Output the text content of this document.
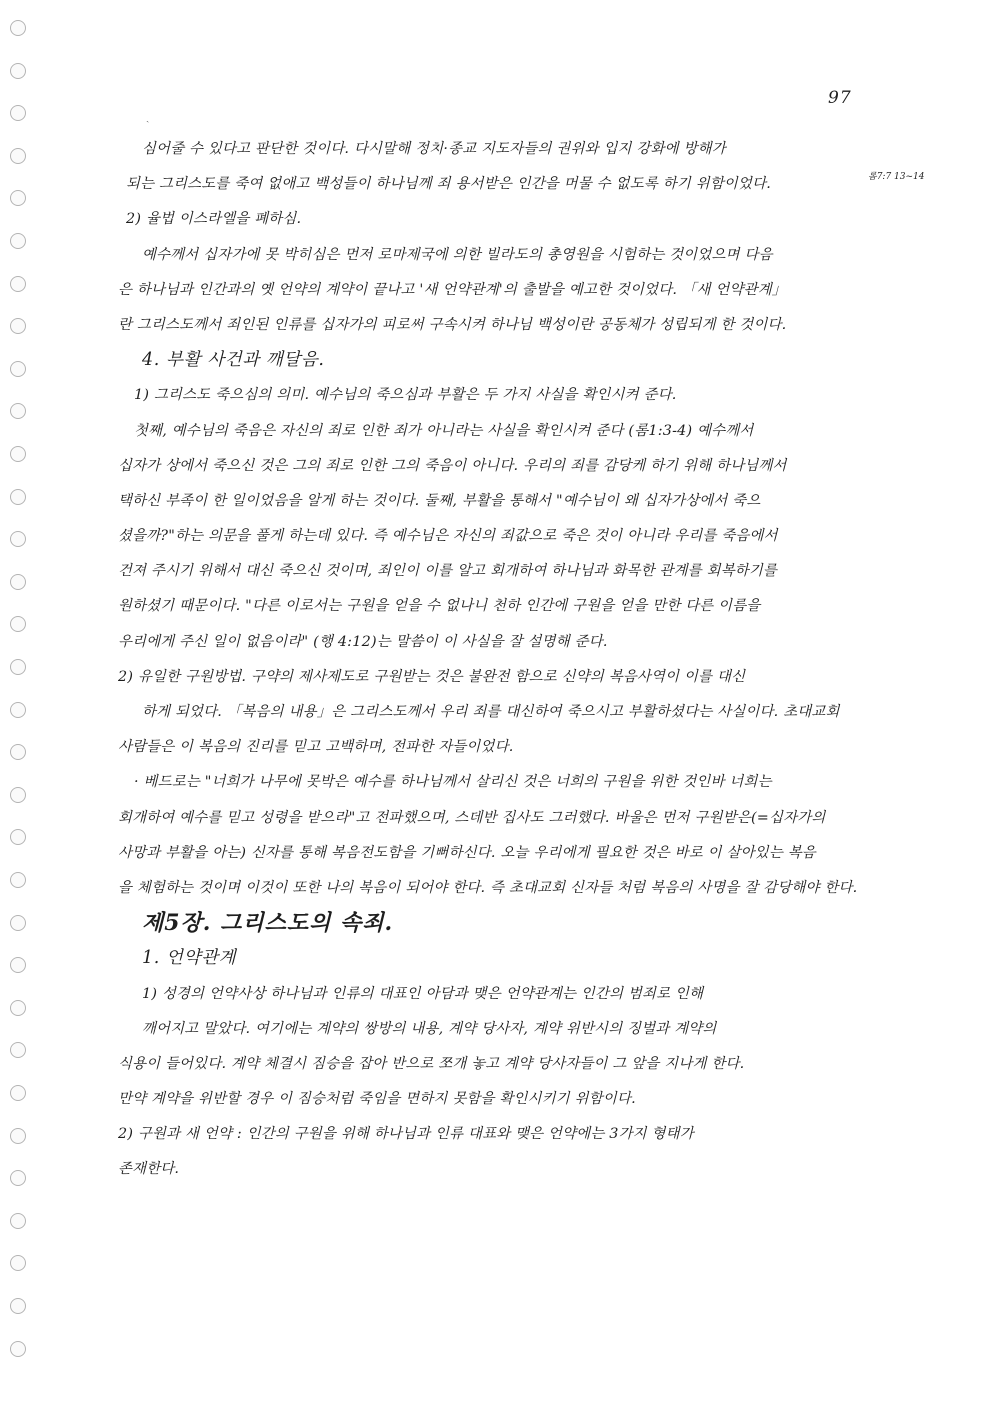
ˎ
97
롬7:7 13~14
심어줄 수 있다고 판단한 것이다. 다시말해 정치·종교 지도자들의 권위와 입지 강화에 방해가
되는 그리스도를 죽여 없애고 백성들이 하나님께 죄 용서받은 인간을 머물 수 없도록 하기 위함이었다.
2) 율법 이스라엘을 폐하심.
예수께서 십자가에 못 박히심은 먼저 로마제국에 의한 빌라도의 총영원을 시험하는 것이었으며 다음
은 하나님과 인간과의 옛 언약의 계약이 끝나고 '새 언약관계'의 출발을 예고한 것이었다. 「새 언약관계」
란 그리스도께서 죄인된 인류를 십자가의 피로써 구속시켜 하나님 백성이란 공동체가 성립되게 한 것이다.
4. 부활 사건과 깨달음.
1) 그리스도 죽으심의 의미. 예수님의 죽으심과 부활은 두 가지 사실을 확인시켜 준다.
첫째, 예수님의 죽음은 자신의 죄로 인한 죄가 아니라는 사실을 확인시켜 준다 (롬1:3-4) 예수께서
십자가 상에서 죽으신 것은 그의 죄로 인한 그의 죽음이 아니다. 우리의 죄를 감당케 하기 위해 하나님께서
택하신 부족이 한 일이었음을 알게 하는 것이다. 둘째, 부활을 통해서 "예수님이 왜 십자가상에서 죽으
셨을까?"하는 의문을 풀게 하는데 있다. 즉 예수님은 자신의 죄값으로 죽은 것이 아니라 우리를 죽음에서
건져 주시기 위해서 대신 죽으신 것이며, 죄인이 이를 알고 회개하여 하나님과 화목한 관계를 회복하기를
원하셨기 때문이다. "다른 이로서는 구원을 얻을 수 없나니 천하 인간에 구원을 얻을 만한 다른 이름을
우리에게 주신 일이 없음이라" (행 4:12)는 말씀이 이 사실을 잘 설명해 준다.
2) 유일한 구원방법. 구약의 제사제도로 구원받는 것은 불완전 함으로 신약의 복음사역이 이를 대신
하게 되었다. 「복음의 내용」은 그리스도께서 우리 죄를 대신하여 죽으시고 부활하셨다는 사실이다. 초대교회
사람들은 이 복음의 진리를 믿고 고백하며, 전파한 자들이었다.
· 베드로는 "너희가 나무에 못박은 예수를 하나님께서 살리신 것은 너희의 구원을 위한 것인바 너희는
회개하여 예수를 믿고 성령을 받으라"고 전파했으며, 스데반 집사도 그러했다. 바울은 먼저 구원받은(=십자가의
사망과 부활을 아는) 신자를 통해 복음전도함을 기뻐하신다. 오늘 우리에게 필요한 것은 바로 이 살아있는 복음
을 체험하는 것이며 이것이 또한 나의 복음이 되어야 한다. 즉 초대교회 신자들 처럼 복음의 사명을 잘 감당해야 한다.
제5장. 그리스도의 속죄.
1. 언약관계
1) 성경의 언약사상 하나님과 인류의 대표인 아담과 맺은 언약관계는 인간의 범죄로 인해
깨어지고 말았다. 여기에는 계약의 쌍방의 내용, 계약 당사자, 계약 위반시의 징벌과 계약의
식용이 들어있다. 계약 체결시 짐승을 잡아 반으로 쪼개 놓고 계약 당사자들이 그 앞을 지나게 한다.
만약 계약을 위반할 경우 이 짐승처럼 죽임을 면하지 못함을 확인시키기 위함이다.
2) 구원과 새 언약 : 인간의 구원을 위해 하나님과 인류 대표와 맺은 언약에는 3가지 형태가
존재한다.
